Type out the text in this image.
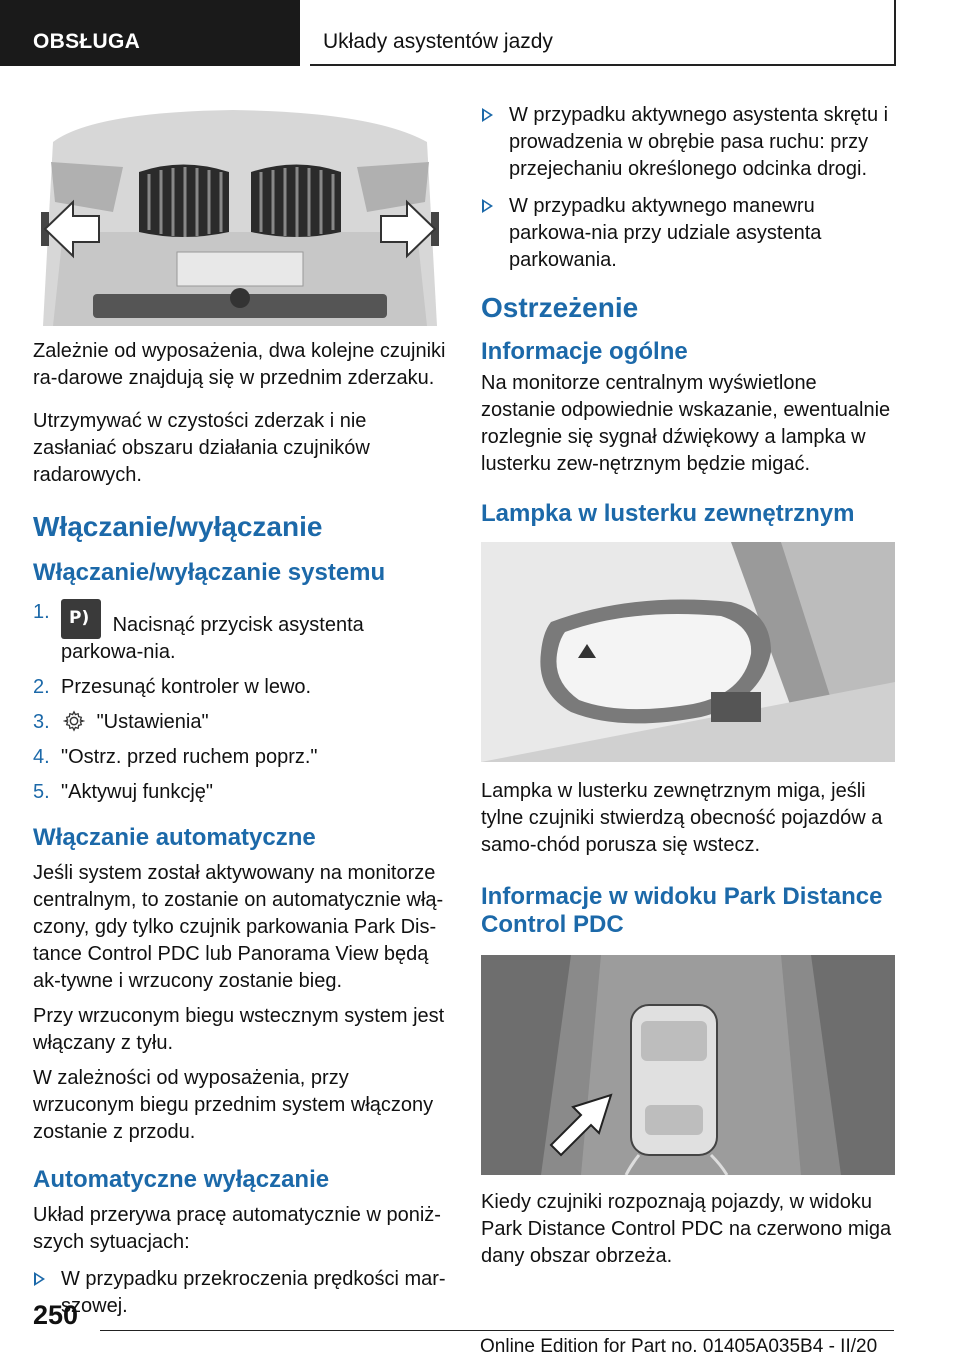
OBSŁUGA	Układy asystentów jazdy

Zależnie od wyposażenia, dwa kolejne czujniki ra-darowe znajdują się w przednim zderzaku.

Utrzymywać w czystości zderzak i nie zasłaniać obszaru działania czujników radarowych.

Włączanie/wyłączanie
Włączanie/wyłączanie systemu
1. P) Nacisnąć przycisk asystenta parkowa-nia.
2. Przesunąć kontroler w lewo.
3. "Ustawienia"
4. "Ostrz. przed ruchem poprz."
5. "Aktywuj funkcję"
Włączanie automatyczne

Jeśli system został aktywowany na monitorze centralnym, to zostanie on automatycznie włą-czony, gdy tylko czujnik parkowania Park Dis-tance Control PDC lub Panorama View będą ak-tywne i wrzucony zostanie bieg.

Przy wrzuconym biegu wstecznym system jest włączany z tyłu.

W zależności od wyposażenia, przy wrzuconym biegu przednim system włączony zostanie z przodu.

Automatyczne wyłączanie

Układ przerywa pracę automatycznie w poniż-szych sytuacjach:

W przypadku przekroczenia prędkości mar-szowej.
W przypadku aktywnego asystenta skrętu i prowadzenia w obrębie pasa ruchu: przy przejechaniu określonego odcinka drogi.
W przypadku aktywnego manewru parkowa-nia przy udziale asystenta parkowania.
Ostrzeżenie
Informacje ogólne

Na monitorze centralnym wyświetlone zostanie odpowiednie wskazanie, ewentualnie rozlegnie się sygnał dźwiękowy a lampka w lusterku zew-nętrznym będzie migać.

Lampka w lusterku zewnętrznym

Lampka w lusterku zewnętrznym miga, jeśli tylne czujniki stwierdzą obecność pojazdów a samo-chód porusza się wstecz.

Informacje w widoku Park Distance Control PDC

Kiedy czujniki rozpoznają pojazdy, w widoku Park Distance Control PDC na czerwono miga dany obszar obrzeża.

250
Online Edition for Part no. 01405A035B4 - II/20
